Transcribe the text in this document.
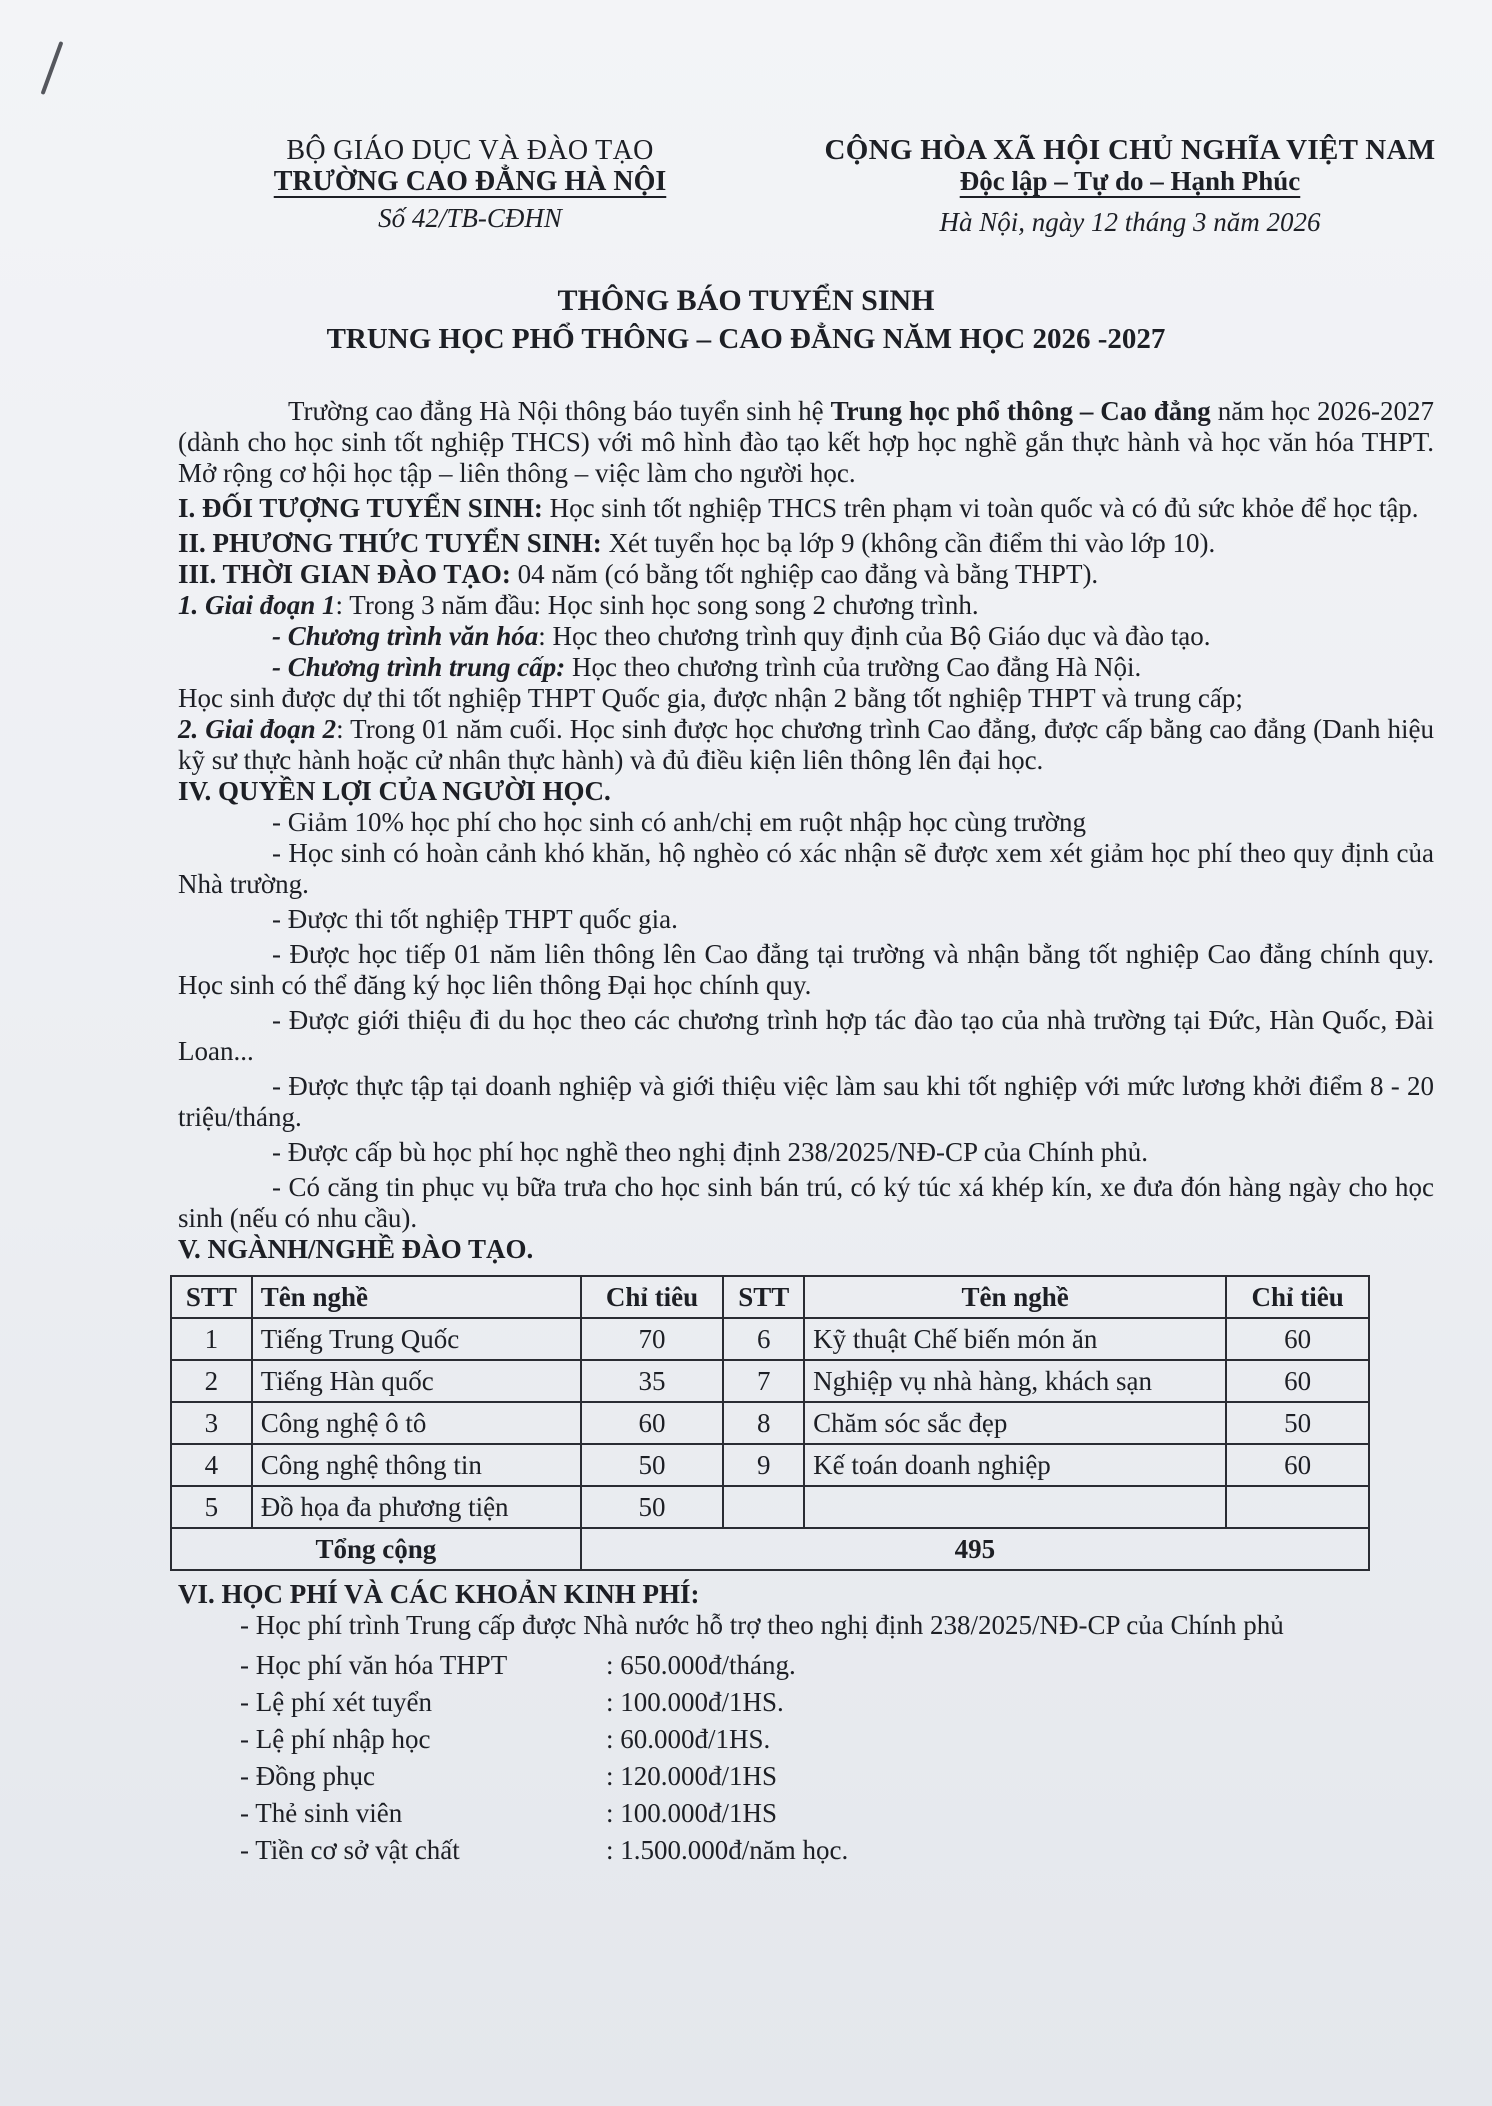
BỘ GIÁO DỤC VÀ ĐÀO TẠO
TRƯỜNG CAO ĐẲNG HÀ NỘI
Số 42/TB-CĐHN
CỘNG HÒA XÃ HỘI CHỦ NGHĨA VIỆT NAM
Độc lập – Tự do – Hạnh Phúc
Hà Nội, ngày 12 tháng 3 năm 2026
THÔNG BÁO TUYỂN SINH
TRUNG HỌC PHỔ THÔNG – CAO ĐẲNG NĂM HỌC 2026 -2027

Trường cao đẳng Hà Nội thông báo tuyển sinh hệ Trung học phổ thông – Cao đẳng năm học 2026-2027 (dành cho học sinh tốt nghiệp THCS) với mô hình đào tạo kết hợp học nghề gắn thực hành và học văn hóa THPT. Mở rộng cơ hội học tập – liên thông – việc làm cho người học.

I. ĐỐI TƯỢNG TUYỂN SINH: Học sinh tốt nghiệp THCS trên phạm vi toàn quốc và có đủ sức khỏe để học tập.

II. PHƯƠNG THỨC TUYỂN SINH: Xét tuyển học bạ lớp 9 (không cần điểm thi vào lớp 10).

III. THỜI GIAN ĐÀO TẠO: 04 năm (có bằng tốt nghiệp cao đẳng và bằng THPT).

1. Giai đoạn 1: Trong 3 năm đầu: Học sinh học song song 2 chương trình.

- Chương trình văn hóa: Học theo chương trình quy định của Bộ Giáo dục và đào tạo.

- Chương trình trung cấp: Học theo chương trình của trường Cao đẳng Hà Nội.

Học sinh được dự thi tốt nghiệp THPT Quốc gia, được nhận 2 bằng tốt nghiệp THPT và trung cấp;

2. Giai đoạn 2: Trong 01 năm cuối. Học sinh được học chương trình Cao đẳng, được cấp bằng cao đẳng (Danh hiệu kỹ sư thực hành hoặc cử nhân thực hành) và đủ điều kiện liên thông lên đại học.

IV. QUYỀN LỢI CỦA NGƯỜI HỌC.

- Giảm 10% học phí cho học sinh có anh/chị em ruột nhập học cùng trường

- Học sinh có hoàn cảnh khó khăn, hộ nghèo có xác nhận sẽ được xem xét giảm học phí theo quy định của Nhà trường.

- Được thi tốt nghiệp THPT quốc gia.

- Được học tiếp 01 năm liên thông lên Cao đẳng tại trường và nhận bằng tốt nghiệp Cao đẳng chính quy. Học sinh có thể đăng ký học liên thông Đại học chính quy.

- Được giới thiệu đi du học theo các chương trình hợp tác đào tạo của nhà trường tại Đức, Hàn Quốc, Đài Loan...

- Được thực tập tại doanh nghiệp và giới thiệu việc làm sau khi tốt nghiệp với mức lương khởi điểm 8 - 20 triệu/tháng.

- Được cấp bù học phí học nghề theo nghị định 238/2025/NĐ-CP của Chính phủ.

- Có căng tin phục vụ bữa trưa cho học sinh bán trú, có ký túc xá khép kín, xe đưa đón hàng ngày cho học sinh (nếu có nhu cầu).

V. NGÀNH/NGHỀ ĐÀO TẠO.

STT	Tên nghề	Chỉ tiêu	STT	Tên nghề	Chỉ tiêu
1	Tiếng Trung Quốc	70	6	Kỹ thuật Chế biến món ăn	60
2	Tiếng Hàn quốc	35	7	Nghiệp vụ nhà hàng, khách sạn	60
3	Công nghệ ô tô	60	8	Chăm sóc sắc đẹp	50
4	Công nghệ thông tin	50	9	Kế toán doanh nghiệp	60
5	Đồ họa đa phương tiện	50			
Tổng cộng		495			

VI. HỌC PHÍ VÀ CÁC KHOẢN KINH PHÍ:

- Học phí trình Trung cấp được Nhà nước hỗ trợ theo nghị định 238/2025/NĐ-CP của Chính phủ

- Học phí văn hóa THPT	: 650.000đ/tháng.
- Lệ phí xét tuyển	: 100.000đ/1HS.
- Lệ phí nhập học	: 60.000đ/1HS.
- Đồng phục	: 120.000đ/1HS
- Thẻ sinh viên	: 100.000đ/1HS
- Tiền cơ sở vật chất	: 1.500.000đ/năm học.
